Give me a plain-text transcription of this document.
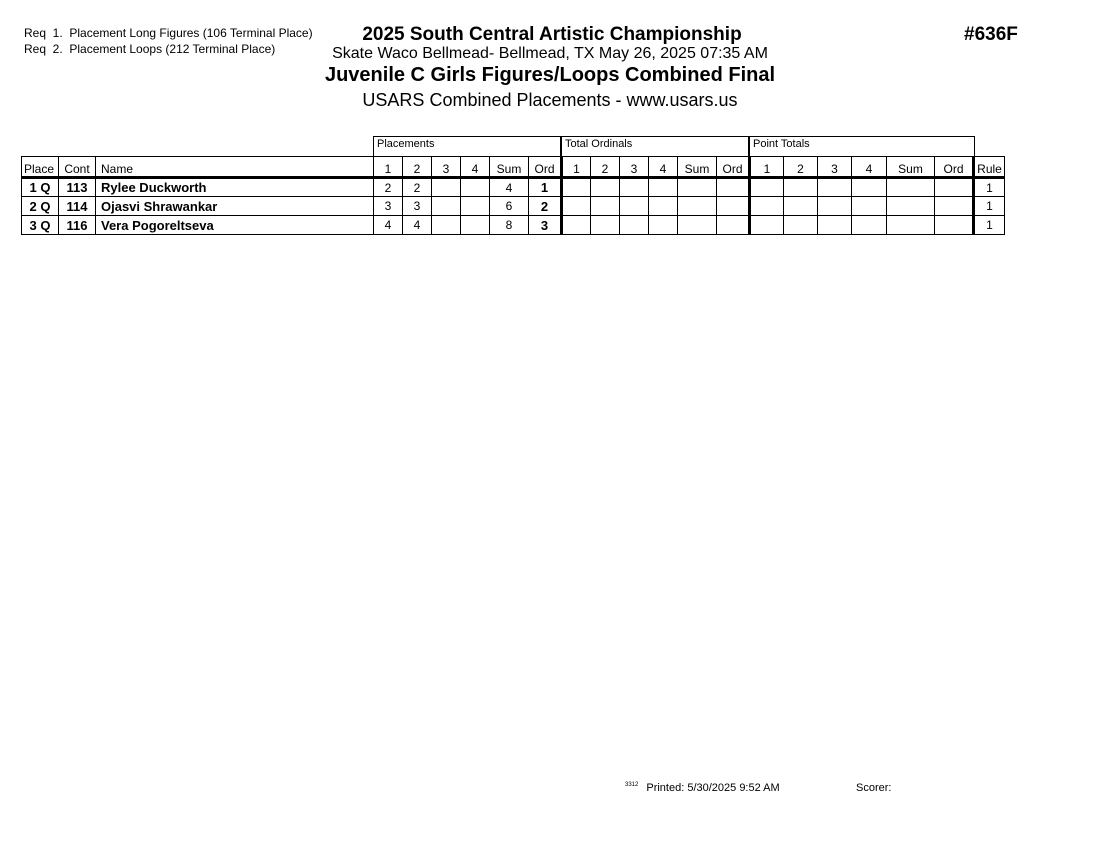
Req  1.  Placement Long Figures (106 Terminal Place)
Req  2.  Placement Loops (212 Terminal Place)
2025 South Central Artistic Championship
Skate Waco Bellmead- Bellmead, TX May 26, 2025 07:35 AM
Juvenile C Girls Figures/Loops Combined Final
USARS Combined Placements - www.usars.us
#636F
Placements	Total Ordinals	Point Totals
Place	Cont	Name	1	2	3	4	Sum	Ord	1	2	3	4	Sum	Ord	1	2	3	4	Sum	Ord	Rule
1 Q	113	Rylee Duckworth	2	2			4	1													1
2 Q	114	Ojasvi Shrawankar	3	3			6	2													1
3 Q	116	Vera Pogoreltseva	4	4			8	3													1
$^{3312}$ Printed: 5/30/2025 9:52 AM	Scorer:
